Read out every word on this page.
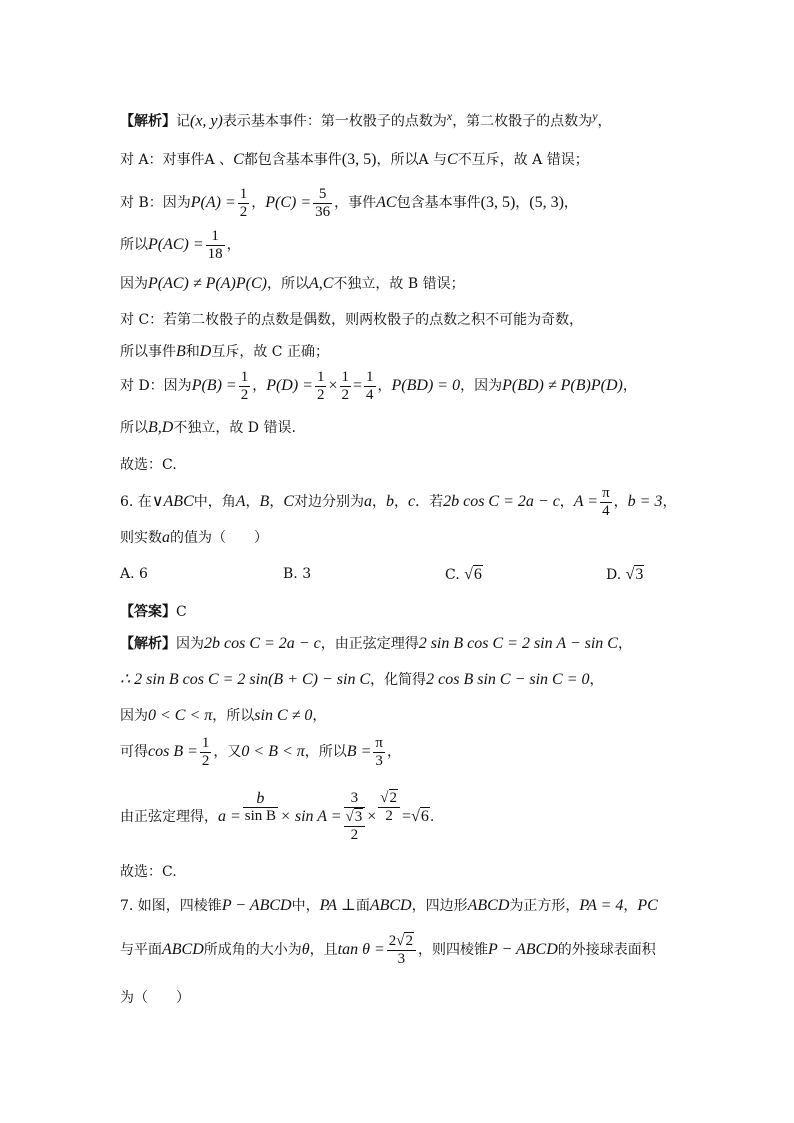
【解析】记(x, y)表示基本事件：第一枚骰子的点数为$^x$，第二枚骰子的点数为$^y$，
对 A：对事件A 、C都包含基本事件(3, 5)，所以A 与C不互斥，故 A 错误；
对 B：因为$P(A) = \frac{1}{2}$ ，$P(C) = \frac{5}{36}$ ，事件AC包含基本事件(3, 5)，(5, 3)，
所以$P(AC) = \frac{1}{18}$ ，
因为P(AC) ≠ P(A)P(C)，所以A,C不独立，故 B 错误；
对 C：若第二枚骰子的点数是偶数，则两枚骰子的点数之积不可能为奇数，
所以事件B和D互斥，故 C 正确；
对 D：因为$P(B) = \frac{1}{2}$ ，$P(D) = \frac{1}{2} \times \frac{1}{2} = \frac{1}{4}$ ，P(BD) = 0，因为P(BD) ≠ P(B)P(D)，
所以B,D不独立，故 D 错误.
故选：C.
6. 在∨ABC中，角A，B，C对边分别为a，b，c．若2b cos C = 2a − c，$A = \frac{\pi}{4}$ ，b = 3，
则实数a的值为（　　）
A. 6	B. 3	C. √6	D. √3
【答案】C
【解析】因为2b cos C = 2a − c，由正弦定理得2 sin B cos C = 2 sin A − sin C，
∴ 2 sin B cos C = 2 sin(B + C) − sin C，化简得2 cos B sin C − sin C = 0，
因为0 < C < π，所以sin C ≠ 0，
可得$\cos B = \frac{1}{2}$ ，又0 < B < π，所以$B = \frac{\pi}{3}$ ，
由正弦定理得，$a = \frac{b}{\text{sin B}} \times \sin A$ =
3
√3
2
× $\frac{√2}{2} =√6$.
故选：C.
7. 如图，四棱锥P − ABCD中，PA ⊥面ABCD，四边形ABCD为正方形，PA = 4，PC
与平面ABCD所成角的大小为θ，且$\tan \theta = \frac{2√2}{3}$ ，则四棱锥P − ABCD的外接球表面积
为（　　）
